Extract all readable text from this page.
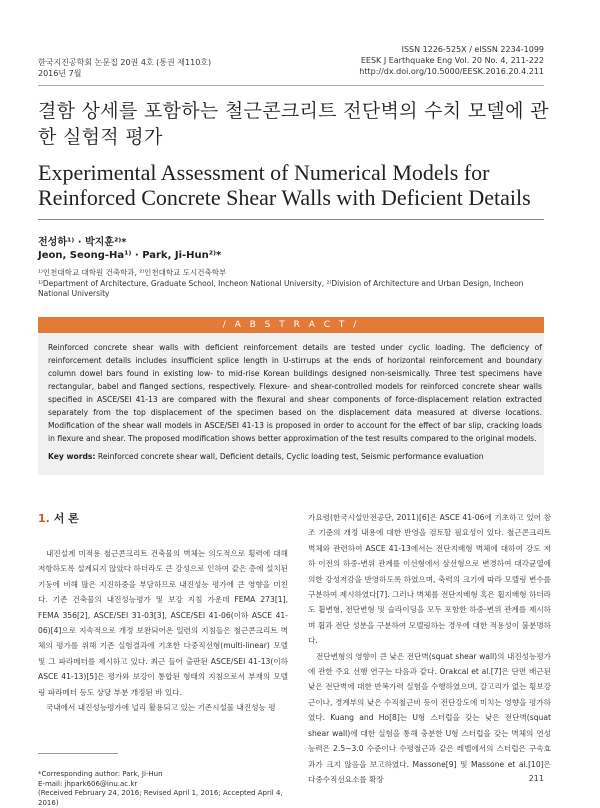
한국지진공학회 논문집 20권 4호 (통권 제110호)
2016년 7월
ISSN 1226-525X / eISSN 2234-1099
EESK J Earthquake Eng Vol. 20 No. 4, 211-222
http://dx.doi.org/10.5000/EESK.2016.20.4.211
결함 상세를 포함하는 철근콘크리트 전단벽의 수치 모델에 관한 실험적 평가
Experimental Assessment of Numerical Models for Reinforced Concrete Shear Walls with Deficient Details
전성하¹⁾ · 박지훈²⁾*
Jeon, Seong-Ha¹⁾ · Park, Ji-Hun²⁾*
¹⁾인천대학교 대학원 건축학과, ²⁾인천대학교 도시건축학부
¹⁾Department of Architecture, Graduate School, Incheon National University, ²⁾Division of Architecture and Urban Design, Incheon National University
/ A B S T R A C T /
Reinforced concrete shear walls with deficient reinforcement details are tested under cyclic loading. The deficiency of reinforcement details includes insufficient splice length in U-stirrups at the ends of horizontal reinforcement and boundary column dowel bars found in existing low- to mid-rise Korean buildings designed non-seismically. Three test specimens have rectangular, babel and flanged sections, respectively. Flexure- and shear-controlled models for reinforced concrete shear walls specified in ASCE/SEI 41-13 are compared with the flexural and shear components of force-displacement relation extracted separately from the top displacement of the specimen based on the displacement data measured at diverse locations. Modification of the shear wall models in ASCE/SEI 41-13 is proposed in order to account for the effect of bar slip, cracking loads in flexure and shear. The proposed modification shows better approximation of the test results compared to the original models.
Key words: Reinforced concrete shear wall, Deficient details, Cyclic loading test, Seismic performance evaluation
1. 서 론

내진설계 미적용 철근콘크리트 건축물의 벽체는 의도적으로 횡력에 대해 저항하도록 설계되지 않았다 하더라도 큰 강성으로 인하여 같은 층에 설치된 기둥에 비해 많은 지진하중을 부담하므로 내진성능 평가에 큰 영향을 미친다. 기존 건축물의 내진성능평가 및 보강 지침 가운데 FEMA 273[1], FEMA 356[2], ASCE/SEI 31-03[3], ASCE/SEI 41-06(이하 ASCE 41-06)[4]으로 지속적으로 개정 보완되어온 일련의 지침들은 철근콘크리트 벽체의 평가를 위해 기존 실험결과에 기초한 다중직선형(multi-linear) 모델 및 그 파라메터를 제시하고 있다. 최근 들어 출판된 ASCE/SEI 41-13(이하 ASCE 41-13)[5]은 평가와 보강이 통합된 형태의 지침으로서 부재의 모델링 파라메터 등도 상당 부분 개정된 바 있다.

국내에서 내진성능평가에 널리 활용되고 있는 기존시설물 내진성능 평

가요령(한국시설안전공단, 2011)[6]은 ASCE 41-06에 기초하고 있어 참조 기준의 개정 내용에 대한 반영을 검토할 필요성이 있다. 철근콘크리트 벽체와 관련하여 ASCE 41-13에서는 전단지배형 벽체에 대하여 강도 저하 이전의 하중-변위 관계를 이선형에서 삼선형으로 변경하여 대각균열에 의한 강성저감을 반영하도록 하였으며, 축력의 크기에 따라 모델링 변수를 구분하여 제시하였다[7]. 그러나 벽체를 전단지배형 혹은 휨지배형 하더라도 휨변형, 전단변형 및 슬라이딩을 모두 포함한 하중-변위 관계를 제시하며 휨과 전단 성분을 구분하여 모델링하는 경우에 대한 적용성이 불분명하다.

전단변형의 영향이 큰 낮은 전단벽(squat shear wall)의 내진성능평가에 관한 주요 선행 연구는 다음과 같다. Orakcal et al.[7]은 단면 배근된 낮은 전단벽에 대한 반복가력 실험을 수행하였으며, 갈고리가 없는 횡보강근이나, 경계부의 낮은 수직철근비 등이 전단강도에 미치는 영향을 평가하였다. Kuang and Ho[8]는 U형 스터럽을 갖는 낮은 전단벽(squat shear wall)에 대한 실험을 통해 충분한 U형 스터럽을 갖는 벽체의 연성능력은 2.5~3.0 수준이나 수평철근과 같은 레벨에서의 스터럽은 구속효과가 크지 않음을 보고하였다. Massone[9] 및 Massone et al.[10]은 다중수직선요소를 확장

*Corresponding author: Park, Ji-Hun
E-mail: jhpark606@inu.ac.kr
(Received February 24, 2016; Revised April 1, 2016; Accepted April 4, 2016)
211
